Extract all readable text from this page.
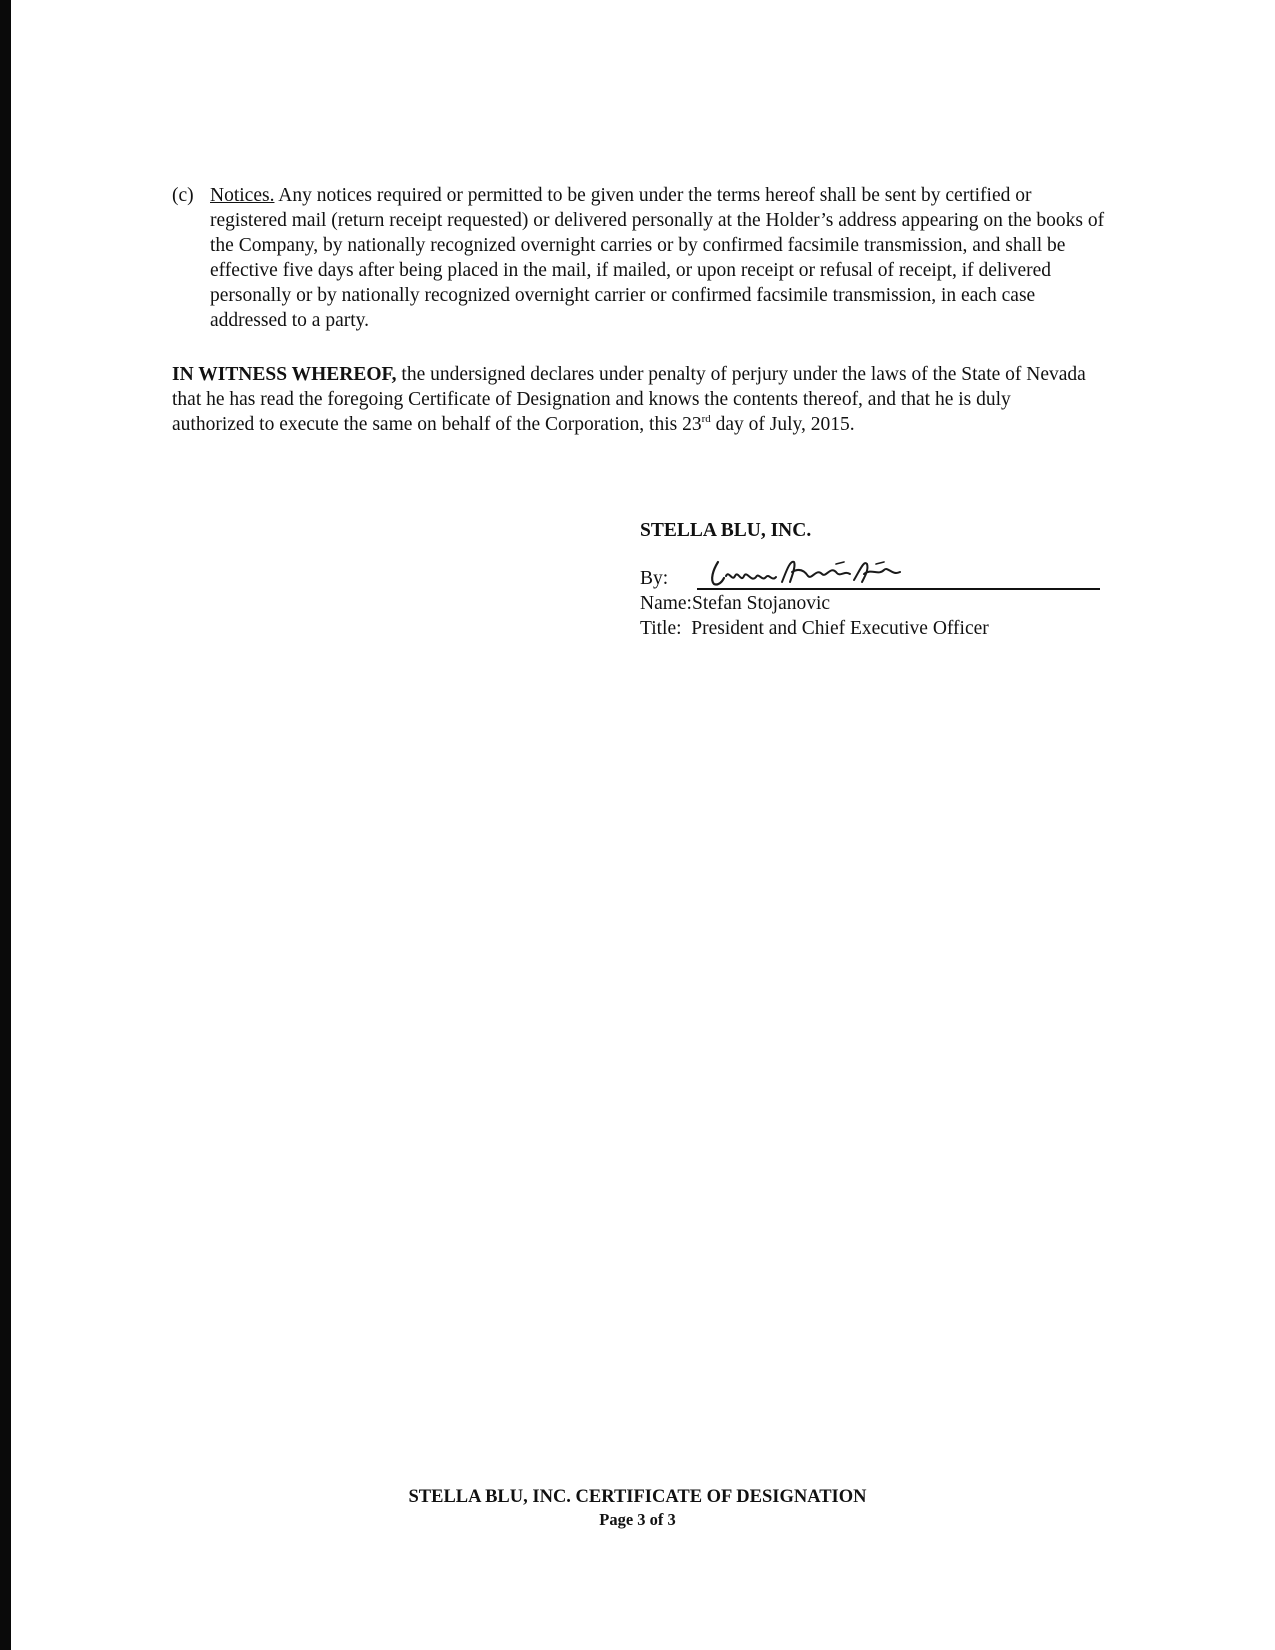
(c) Notices. Any notices required or permitted to be given under the terms hereof shall be sent by certified or registered mail (return receipt requested) or delivered personally at the Holder’s address appearing on the books of the Company, by nationally recognized overnight carries or by confirmed facsimile transmission, and shall be effective five days after being placed in the mail, if mailed, or upon receipt or refusal of receipt, if delivered personally or by nationally recognized overnight carrier or confirmed facsimile transmission, in each case addressed to a party.
IN WITNESS WHEREOF, the undersigned declares under penalty of perjury under the laws of the State of Nevada that he has read the foregoing Certificate of Designation and knows the contents thereof, and that he is duly authorized to execute the same on behalf of the Corporation, this 23rd day of July, 2015.
STELLA BLU, INC.
By:
Name:Stefan Stojanovic
Title:  President and Chief Executive Officer
STELLA BLU, INC. CERTIFICATE OF DESIGNATION
Page 3 of 3
